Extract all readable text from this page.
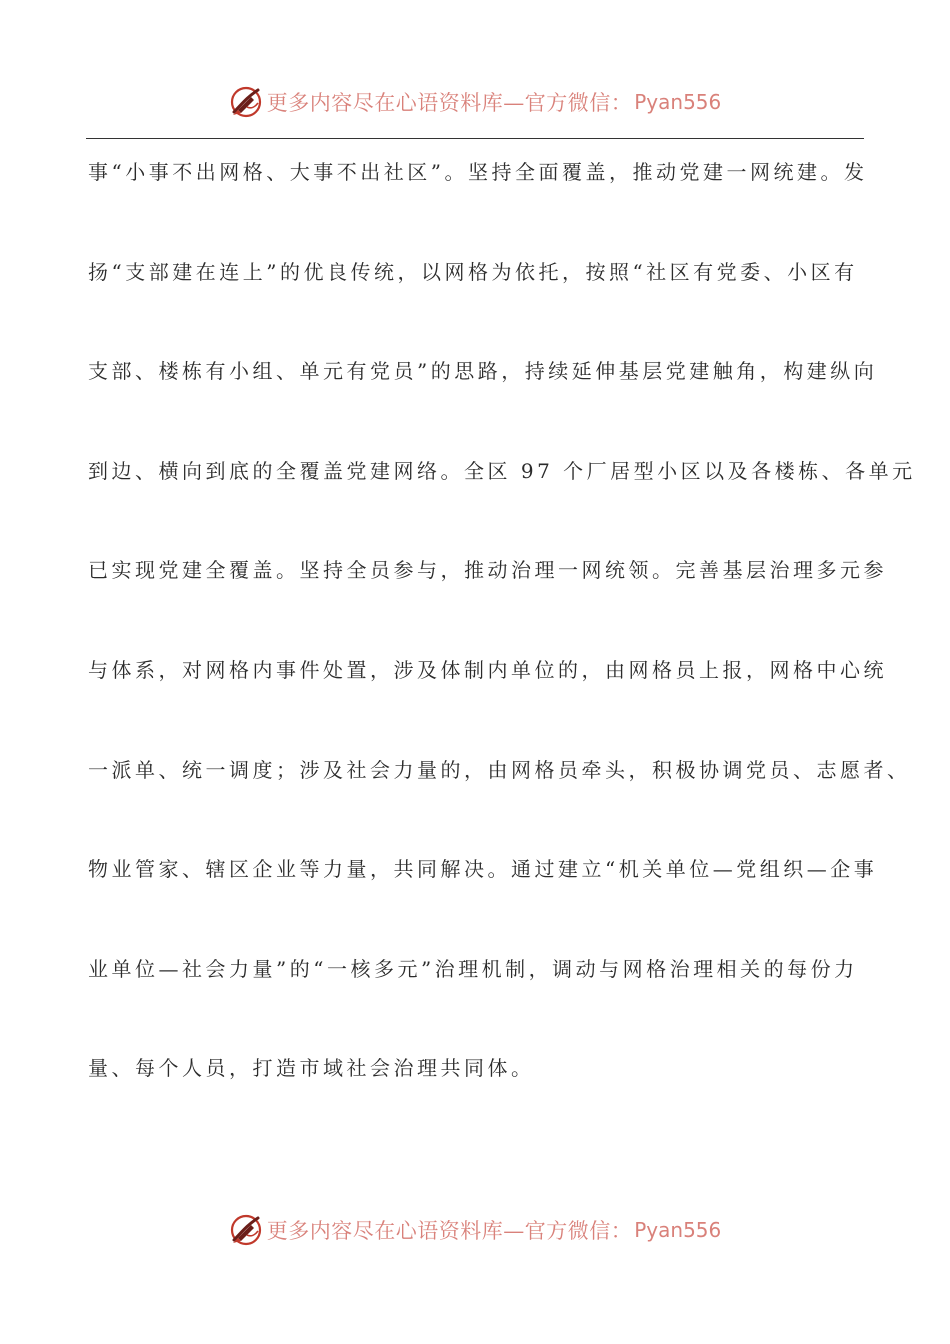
更多内容尽在心语资料库—官方微信： Pyan556
事“小事不出网格、大事不出社区”。坚持全面覆盖，推动党建一网统建。发
扬“支部建在连上”的优良传统，以网格为依托，按照“社区有党委、小区有
支部、楼栋有小组、单元有党员”的思路，持续延伸基层党建触角，构建纵向
到边、横向到底的全覆盖党建网络。全区 97 个厂居型小区以及各楼栋、各单元
已实现党建全覆盖。坚持全员参与，推动治理一网统领。完善基层治理多元参
与体系，对网格内事件处置，涉及体制内单位的，由网格员上报，网格中心统
一派单、统一调度；涉及社会力量的，由网格员牵头，积极协调党员、志愿者、
物业管家、辖区企业等力量，共同解决。通过建立“机关单位—党组织—企事
业单位—社会力量”的“一核多元”治理机制，调动与网格治理相关的每份力
量、每个人员，打造市域社会治理共同体。
更多内容尽在心语资料库—官方微信： Pyan556
